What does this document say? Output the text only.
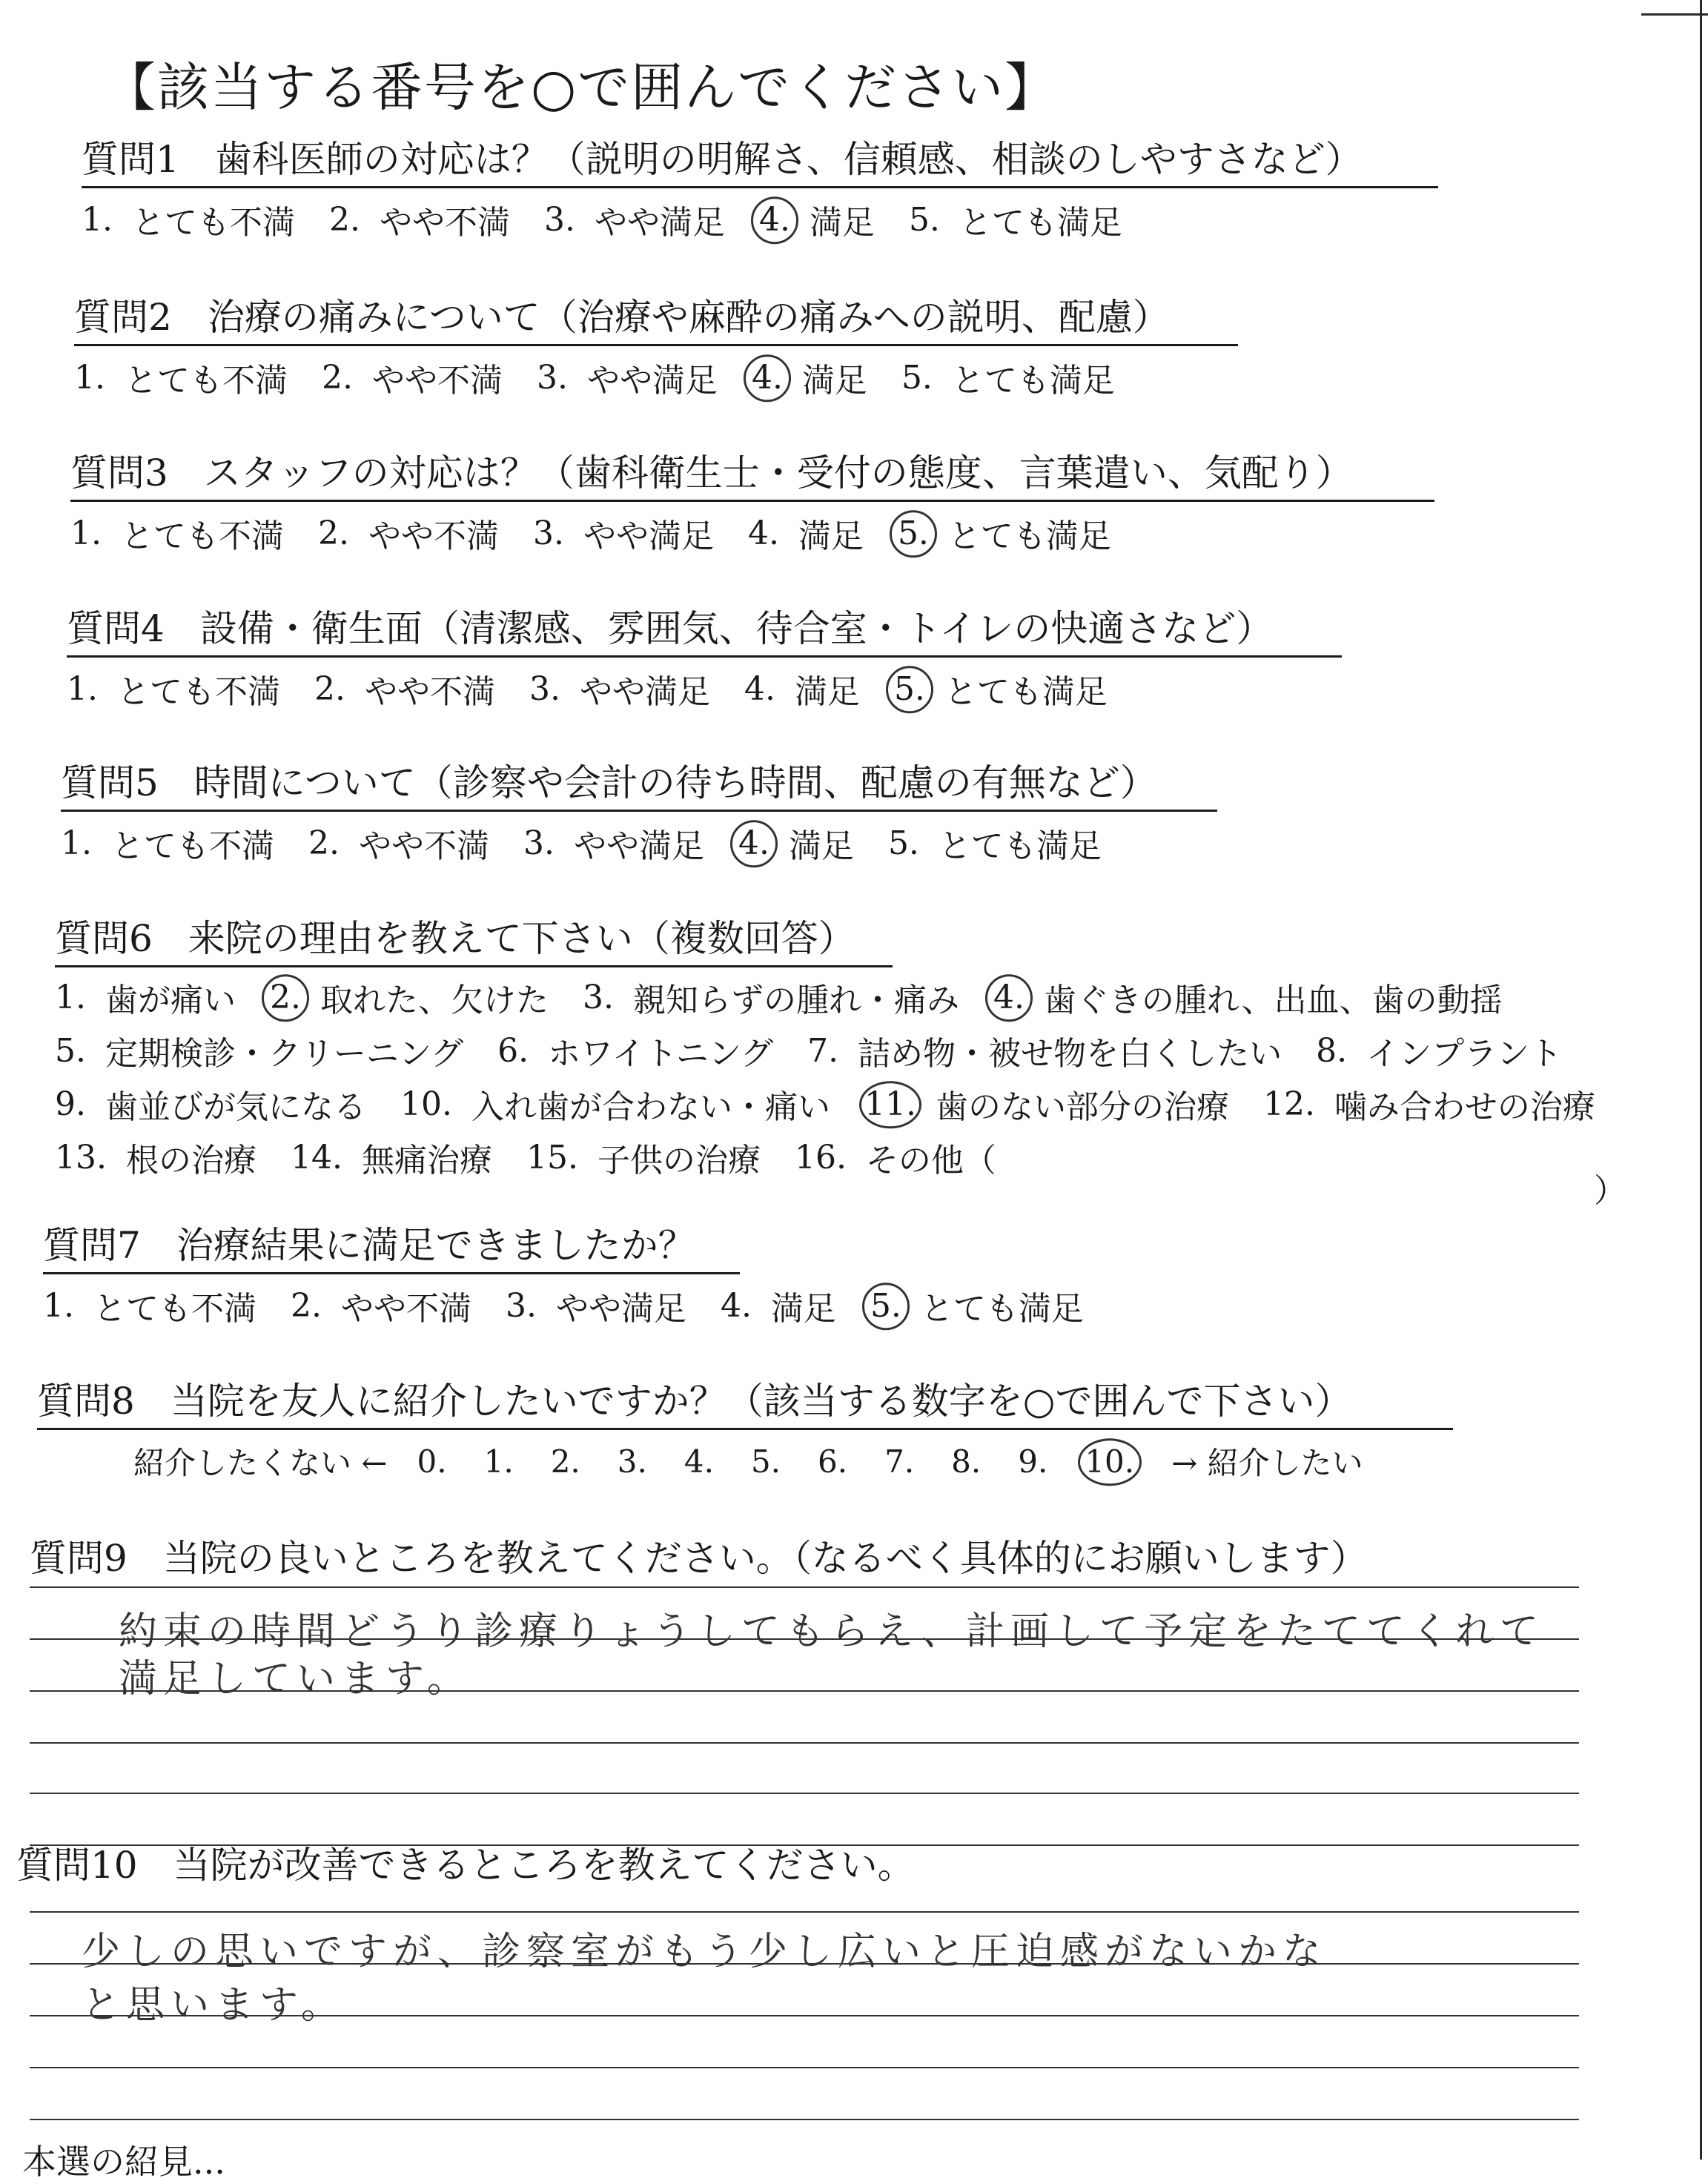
【該当する番号を○で囲んでください】
質問1 歯科医師の対応は？（説明の明解さ、信頼感、相談のしやすさなど）
1. とても不満 2. やや不満 3. やや満足 4. 満足 5. とても満足
質問2 治療の痛みについて（治療や麻酔の痛みへの説明、配慮）
1. とても不満 2. やや不満 3. やや満足 4. 満足 5. とても満足
質問3 スタッフの対応は？（歯科衛生士・受付の態度、言葉遣い、気配り）
1. とても不満 2. やや不満 3. やや満足 4. 満足 5. とても満足
質問4 設備・衛生面（清潔感、雰囲気、待合室・トイレの快適さなど）
1. とても不満 2. やや不満 3. やや満足 4. 満足 5. とても満足
質問5 時間について（診察や会計の待ち時間、配慮の有無など）
1. とても不満 2. やや不満 3. やや満足 4. 満足 5. とても満足
質問6 来院の理由を教えて下さい（複数回答）
1. 歯が痛い 2. 取れた、欠けた 3. 親知らずの腫れ・痛み 4. 歯ぐきの腫れ、出血、歯の動揺
5. 定期検診・クリーニング 6. ホワイトニング 7. 詰め物・被せ物を白くしたい 8. インプラント
9. 歯並びが気になる 10. 入れ歯が合わない・痛い 11. 歯のない部分の治療 12. 噛み合わせの治療
13. 根の治療 14. 無痛治療 15. 子供の治療 16. その他（
）
質問7 治療結果に満足できましたか？
1. とても不満 2. やや不満 3. やや満足 4. 満足 5. とても満足
質問8 当院を友人に紹介したいですか？（該当する数字を○で囲んで下さい）
紹介したくない ← 0. 1. 2. 3. 4. 5. 6. 7. 8. 9. 10. → 紹介したい
質問9 当院の良いところを教えてください。（なるべく具体的にお願いします）
約束の時間どうり診療りょうしてもらえ、計画して予定をたててくれて
満足しています。
質問10 当院が改善できるところを教えてください。
少しの思いですが、診察室がもう少し広いと圧迫感がないかな
と思います。
本選の紹見...
